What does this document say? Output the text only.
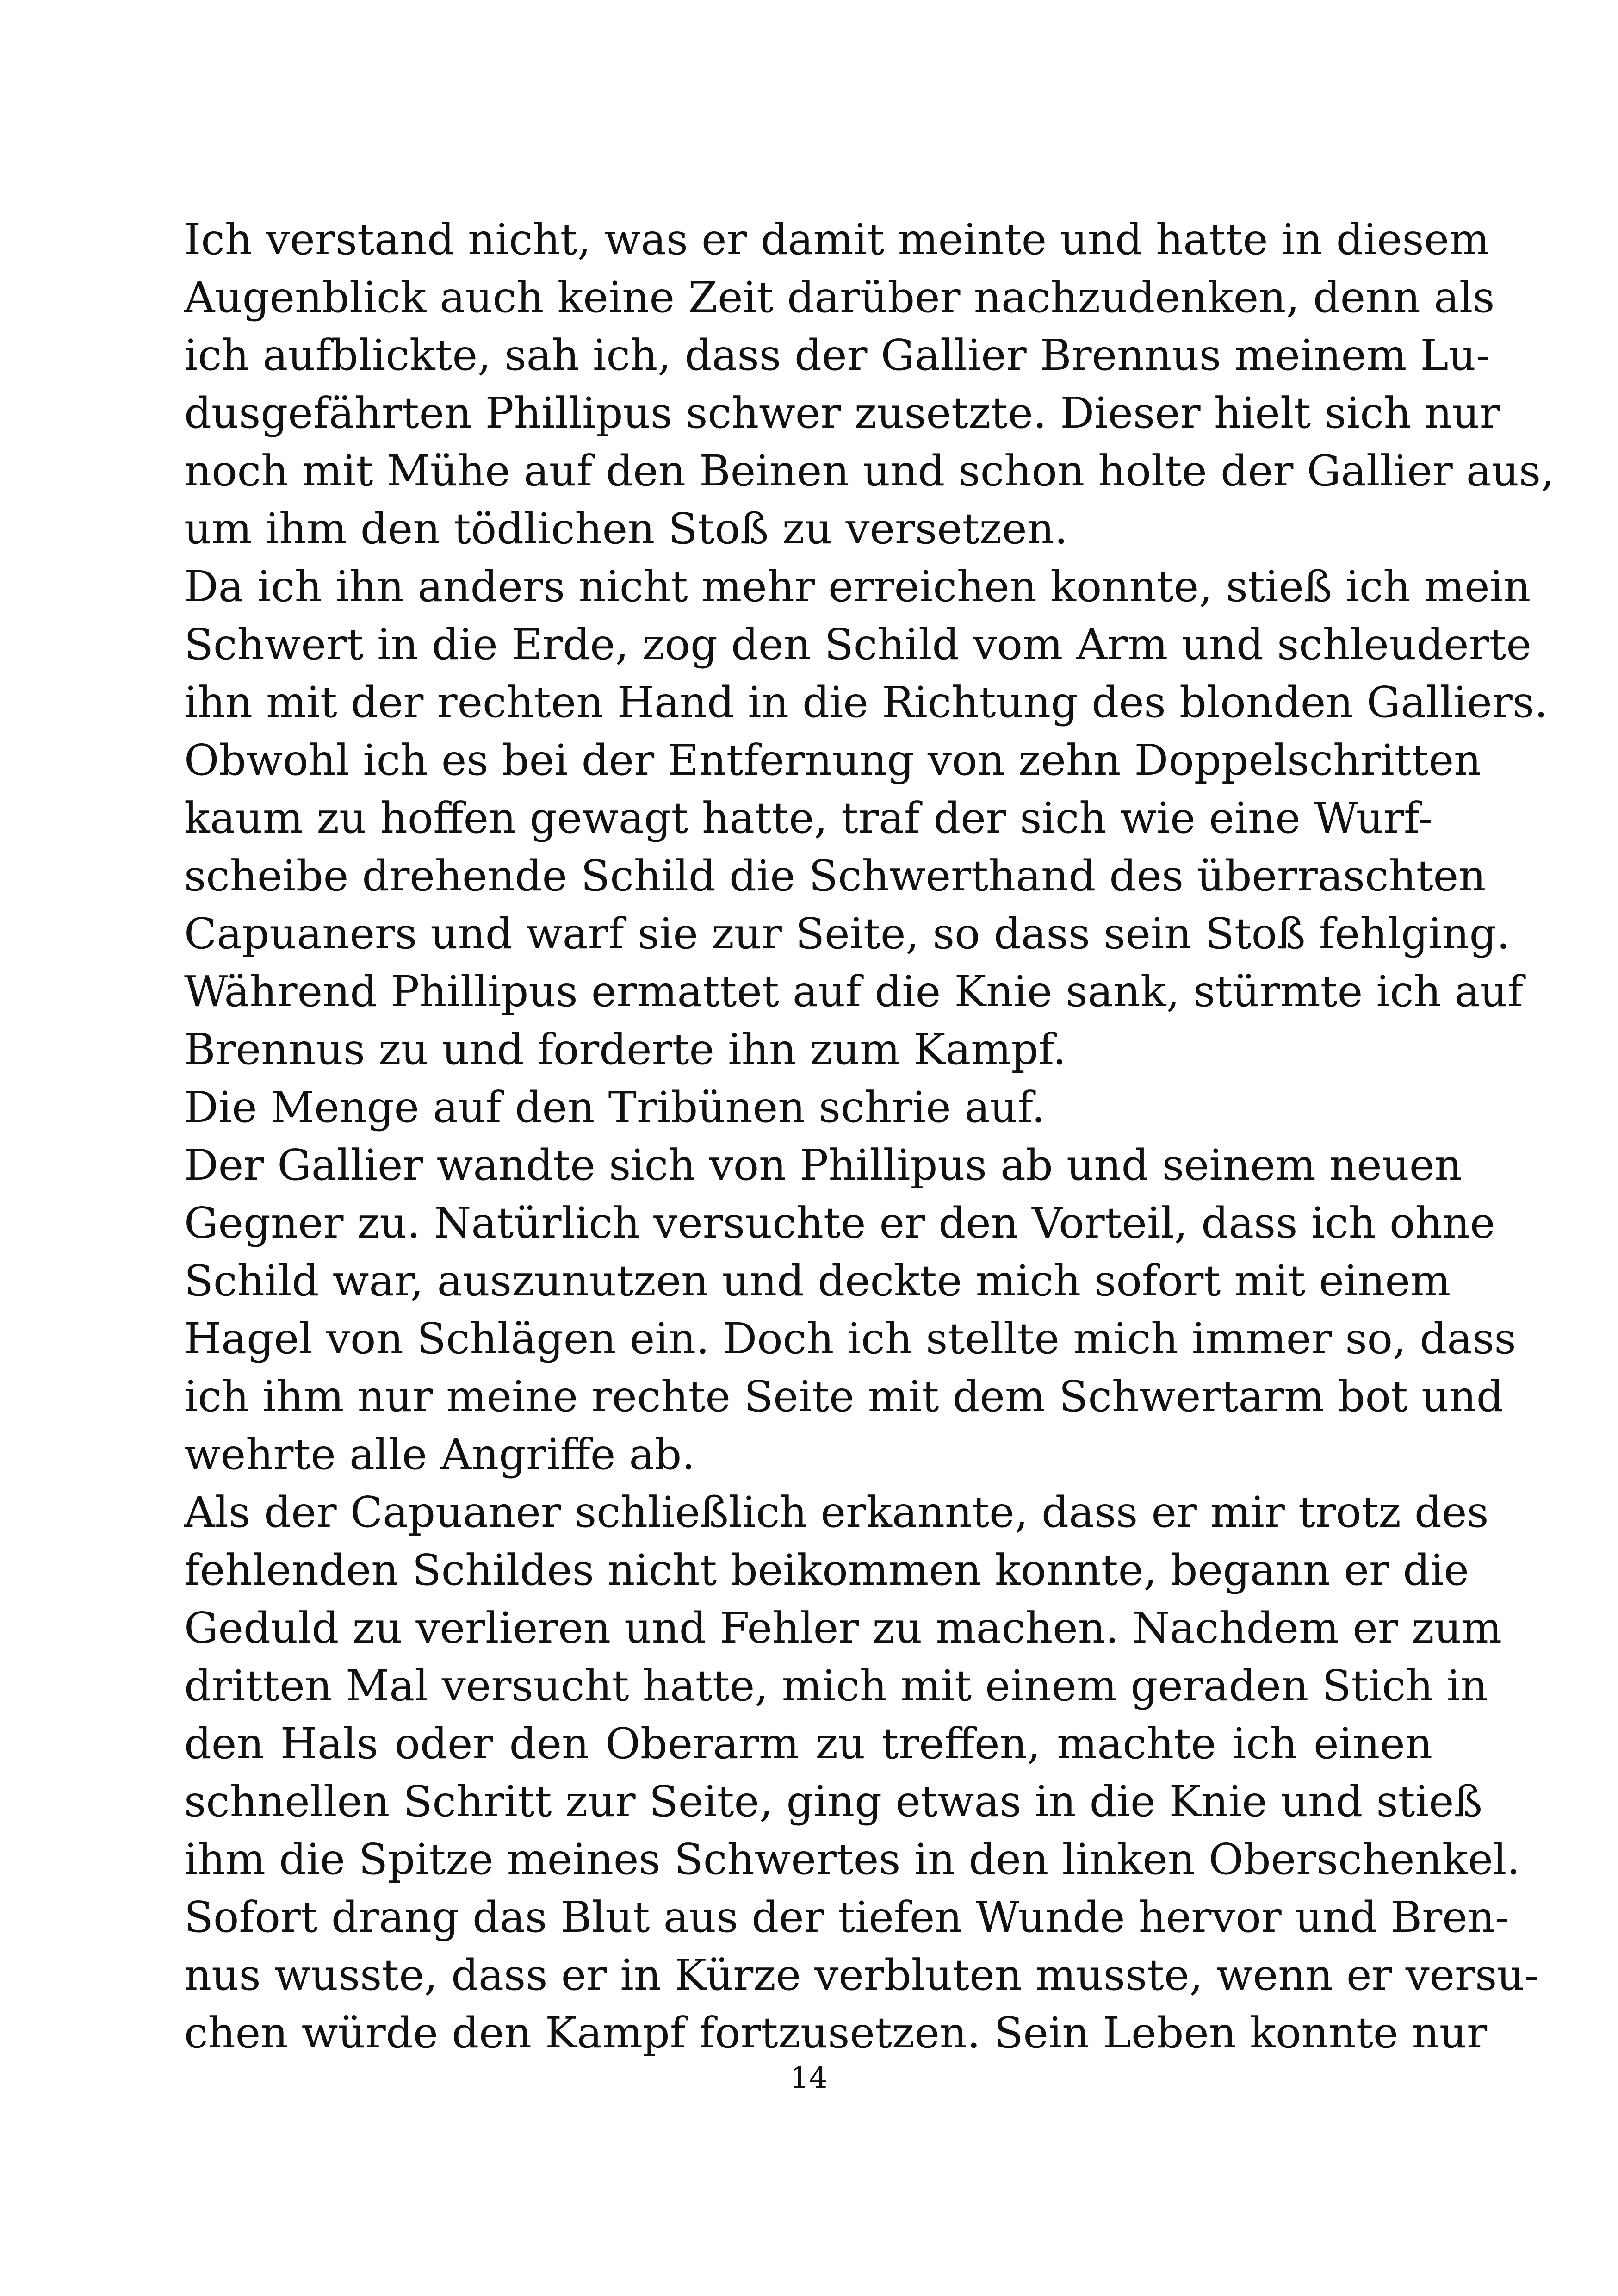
Ich verstand nicht, was er damit meinte und hatte in diesem
Augenblick auch keine Zeit darüber nachzudenken, denn als
ich aufblickte, sah ich, dass der Gallier Brennus meinem Lu-
dusgefährten Phillipus schwer zusetzte. Dieser hielt sich nur
noch mit Mühe auf den Beinen und schon holte der Gallier aus,
um ihm den tödlichen Stoß zu versetzen.

Da ich ihn anders nicht mehr erreichen konnte, stieß ich mein
Schwert in die Erde, zog den Schild vom Arm und schleuderte
ihn mit der rechten Hand in die Richtung des blonden Galliers.

Obwohl ich es bei der Entfernung von zehn Doppelschritten
kaum zu hoffen gewagt hatte, traf der sich wie eine Wurf-
scheibe drehende Schild die Schwerthand des überraschten
Capuaners und warf sie zur Seite, so dass sein Stoß fehlging.
Während Phillipus ermattet auf die Knie sank, stürmte ich auf
Brennus zu und forderte ihn zum Kampf.

Die Menge auf den Tribünen schrie auf.

Der Gallier wandte sich von Phillipus ab und seinem neuen
Gegner zu. Natürlich versuchte er den Vorteil, dass ich ohne
Schild war, auszunutzen und deckte mich sofort mit einem
Hagel von Schlägen ein. Doch ich stellte mich immer so, dass
ich ihm nur meine rechte Seite mit dem Schwertarm bot und
wehrte alle Angriffe ab.

Als der Capuaner schließlich erkannte, dass er mir trotz des
fehlenden Schildes nicht beikommen konnte, begann er die
Geduld zu verlieren und Fehler zu machen. Nachdem er zum
dritten Mal versucht hatte, mich mit einem geraden Stich in
den Hals oder den Oberarm zu treffen, machte ich einen
schnellen Schritt zur Seite, ging etwas in die Knie und stieß
ihm die Spitze meines Schwertes in den linken Oberschenkel.

Sofort drang das Blut aus der tiefen Wunde hervor und Bren-
nus wusste, dass er in Kürze verbluten musste, wenn er versu-
chen würde den Kampf fortzusetzen. Sein Leben konnte nur

14
